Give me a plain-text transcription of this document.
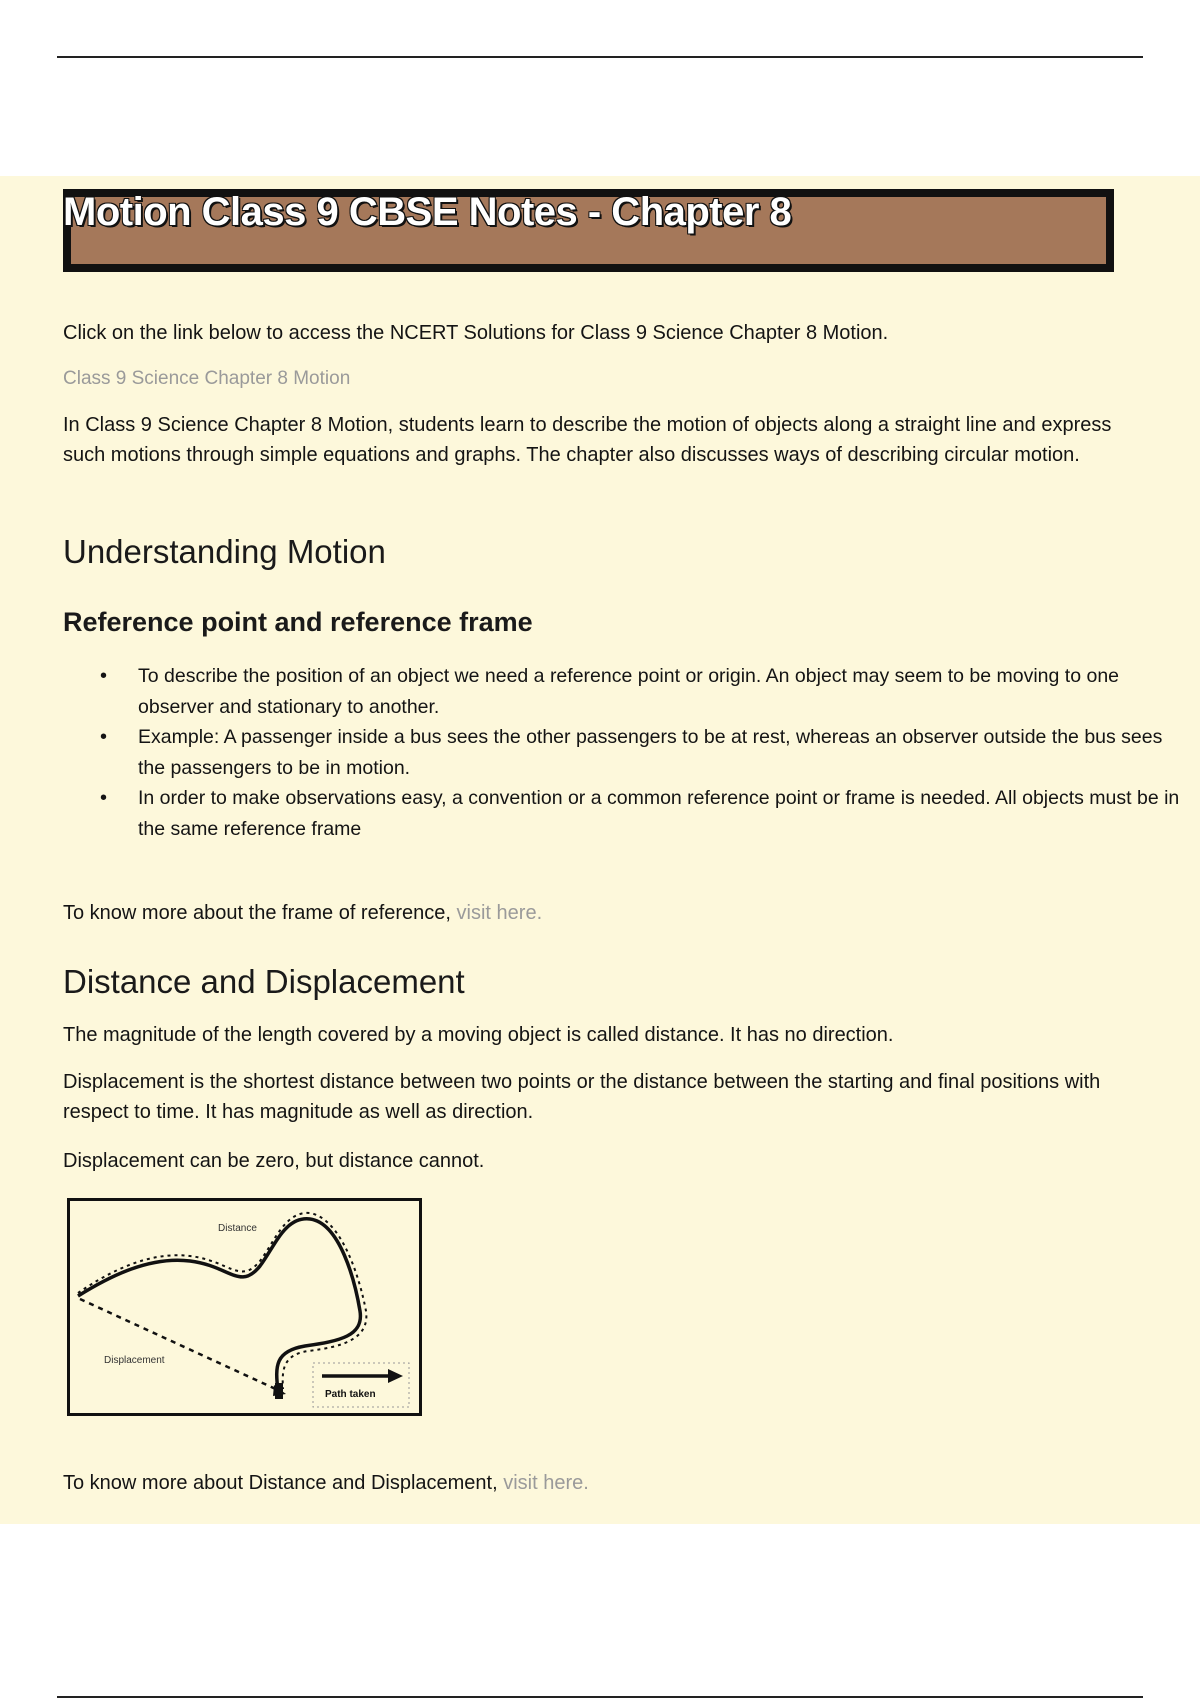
Motion Class 9 CBSE Notes - Chapter 8
Click on the link below to access the NCERT Solutions for Class 9 Science Chapter 8 Motion.
Class 9 Science Chapter 8 Motion
In Class 9 Science Chapter 8 Motion, students learn to describe the motion of objects along a straight line and express such motions through simple equations and graphs. The chapter also discusses ways of describing circular motion.
Understanding Motion
Reference point and reference frame
• To describe the position of an object we need a reference point or origin. An object may seem to be moving to one observer and stationary to another.
• Example: A passenger inside a bus sees the other passengers to be at rest, whereas an observer outside the bus sees the passengers to be in motion.
• In order to make observations easy, a convention or a common reference point or frame is needed. All objects must be in the same reference frame
To know more about the frame of reference, visit here.
Distance and Displacement
The magnitude of the length covered by a moving object is called distance. It has no direction.
Displacement is the shortest distance between two points or the distance between the starting and final positions with respect to time. It has magnitude as well as direction.
Displacement can be zero, but distance cannot.
Path taken
Distance
Displacement
To know more about Distance and Displacement, visit here.
